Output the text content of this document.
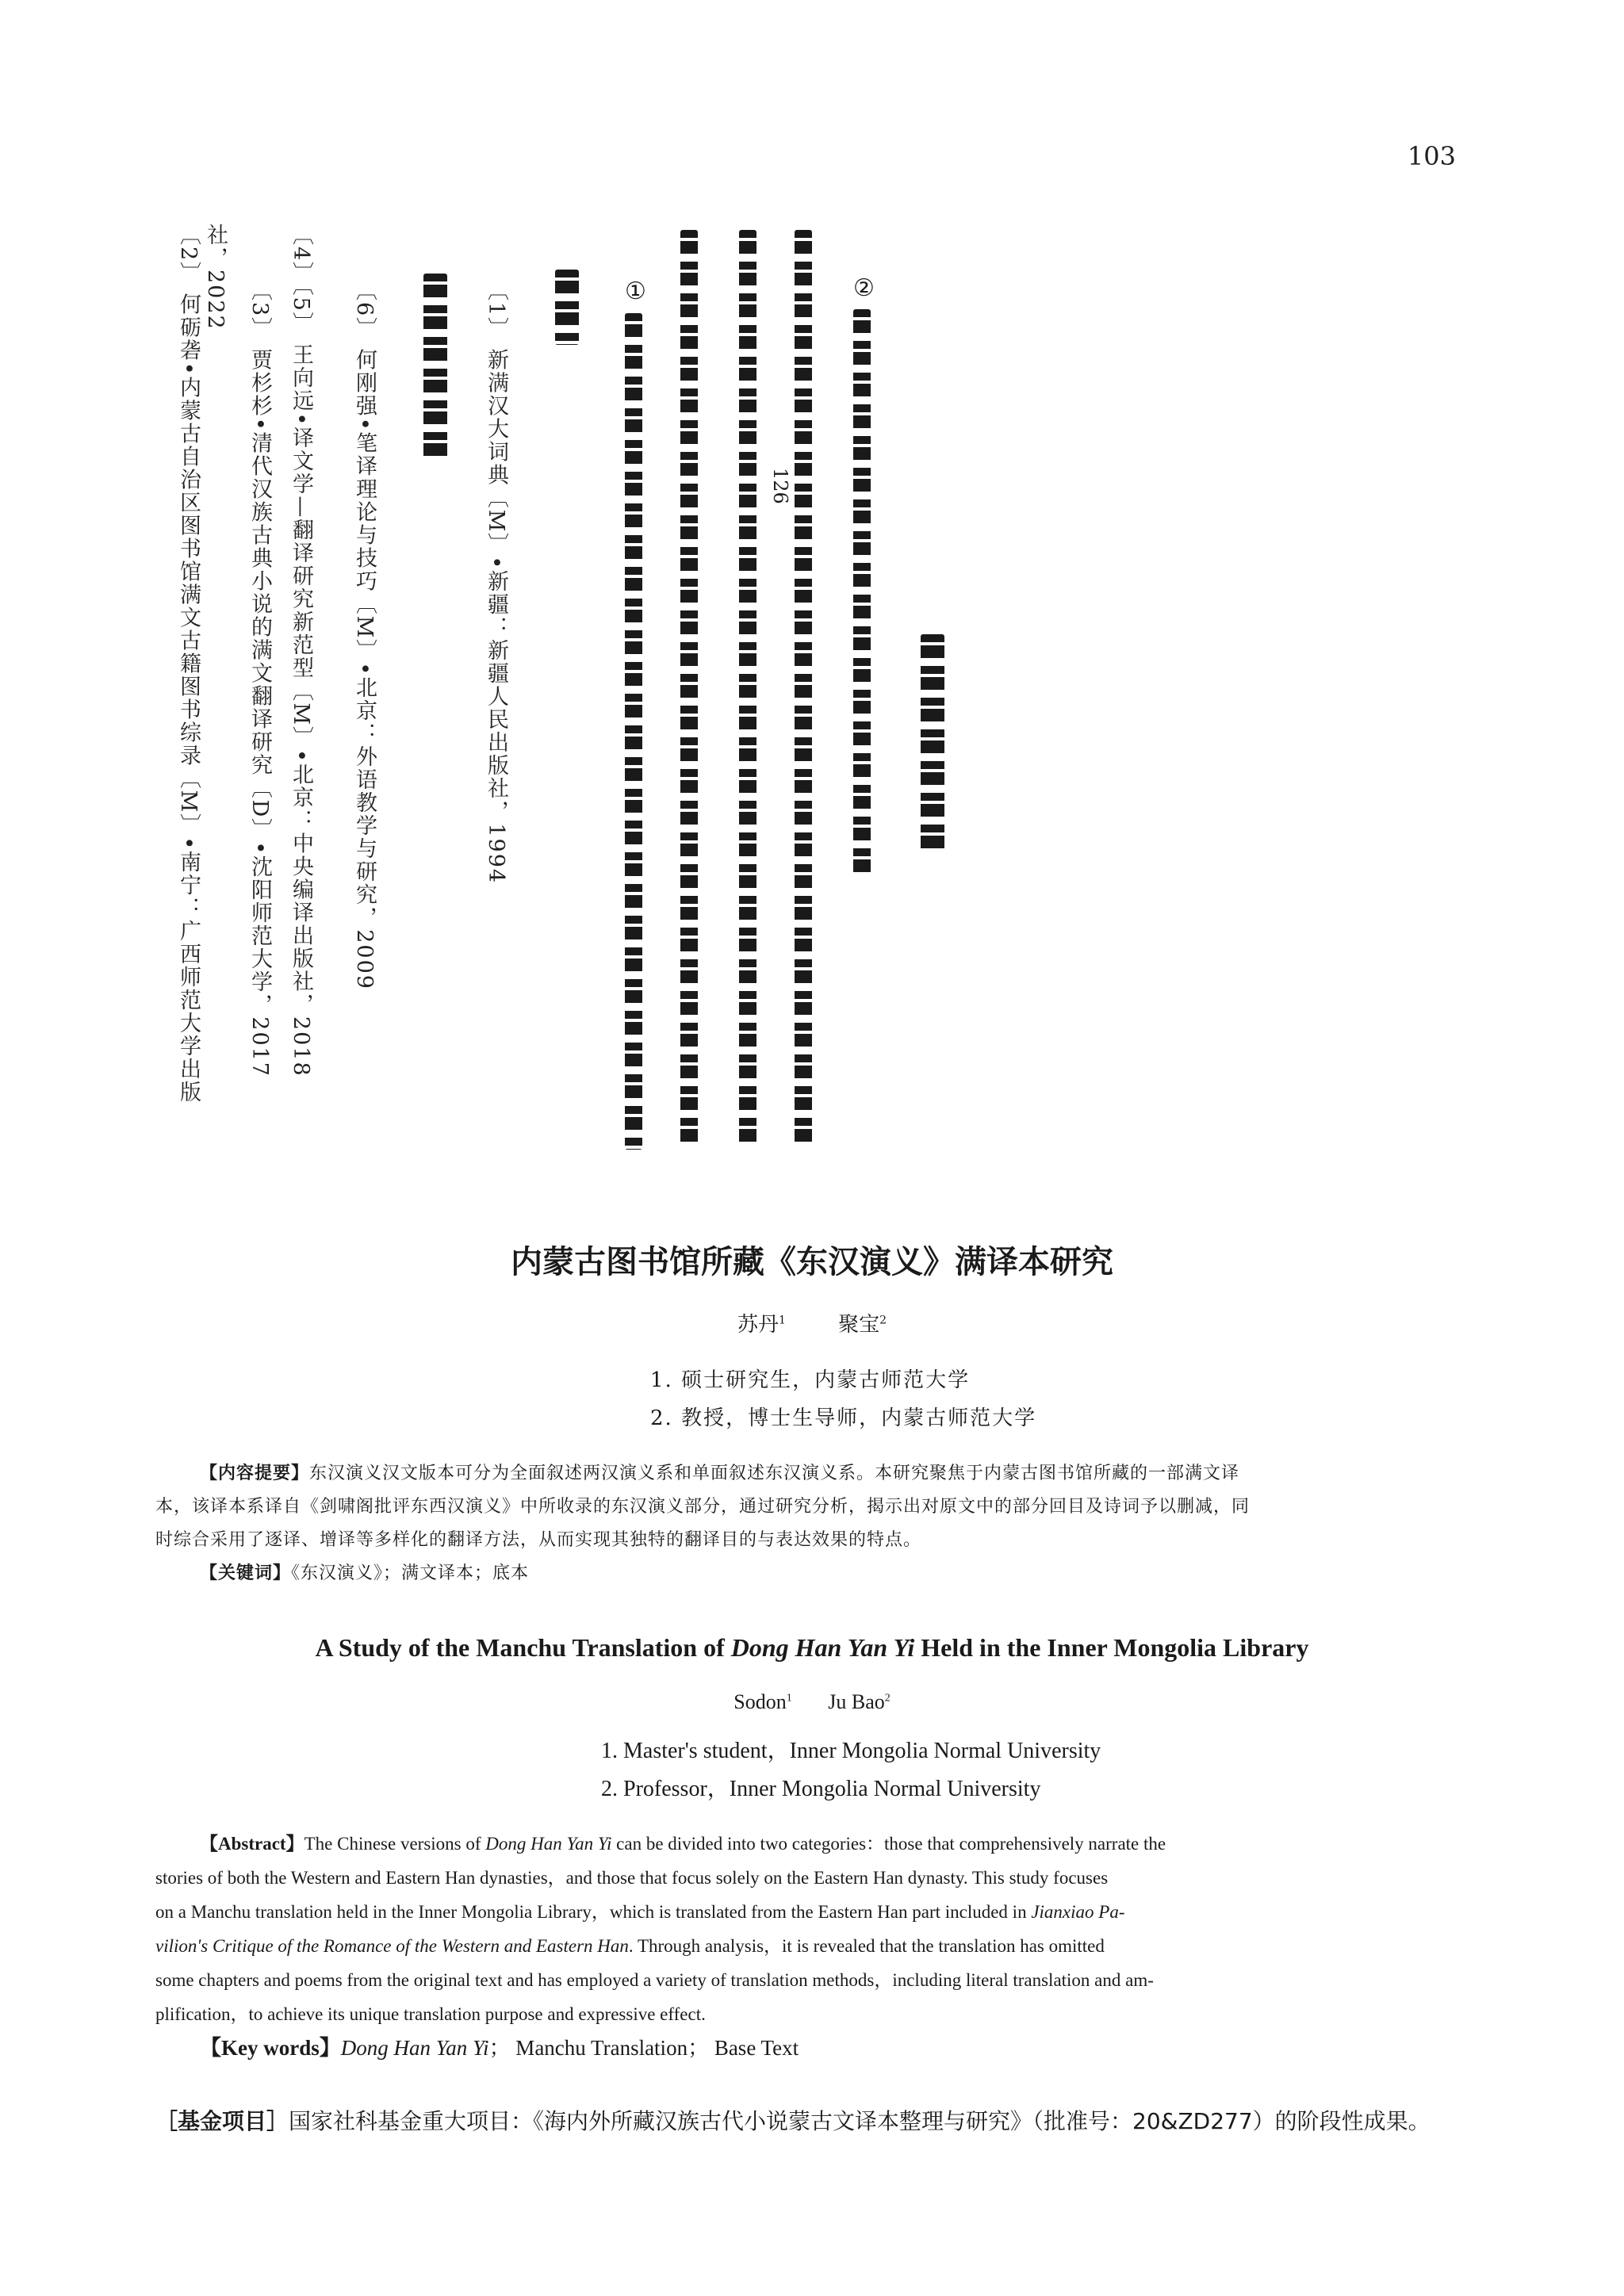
103
②
126
①
〔1〕 新满汉大词典〔M〕•新疆：新疆人民出版社，1994
〔6〕 何刚强•笔译理论与技巧〔M〕•北京：外语教学与研究，2009
〔4〕〔5〕 王向远•译文学—翻译研究新范型〔M〕•北京：中央编译出版社，2018
〔3〕 贾杉杉•清代汉族古典小说的满文翻译研究〔D〕•沈阳师范大学，2017
〔2〕 何砺砻•内蒙古自治区图书馆满文古籍图书综录〔M〕•南宁：广西师范大学出版社，2022
内蒙古图书馆所藏《东汉演义》满译本研究
苏丹$^1$	聚宝$^2$
1. 硕士研究生，内蒙古师范大学
2. 教授，博士生导师，内蒙古师范大学
【内容提要】东汉演义汉文版本可分为全面叙述两汉演义系和单面叙述东汉演义系。本研究聚焦于内蒙古图书馆所藏的一部满文译
本，该译本系译自《剑啸阁批评东西汉演义》中所收录的东汉演义部分，通过研究分析，揭示出对原文中的部分回目及诗词予以删减，同
时综合采用了逐译、增译等多样化的翻译方法，从而实现其独特的翻译目的与表达效果的特点。
【关键词】《东汉演义》；满文译本；底本
A Study of the Manchu Translation of Dong Han Yan Yi Held in the Inner Mongolia Library
Sodon$^1$ Ju Bao$^2$
1. Master's student，Inner Mongolia Normal University
2. Professor，Inner Mongolia Normal University
【Abstract】The Chinese versions of Dong Han Yan Yi can be divided into two categories：those that comprehensively narrate the
stories of both the Western and Eastern Han dynasties，and those that focus solely on the Eastern Han dynasty. This study focuses
on a Manchu translation held in the Inner Mongolia Library，which is translated from the Eastern Han part included in Jianxiao Pa-
vilion's Critique of the Romance of the Western and Eastern Han. Through analysis，it is revealed that the translation has omitted
some chapters and poems from the original text and has employed a variety of translation methods，including literal translation and am-
plification，to achieve its unique translation purpose and expressive effect.
【Key words】Dong Han Yan Yi； Manchu Translation； Base Text
［基金项目］国家社科基金重大项目：《海内外所藏汉族古代小说蒙古文译本整理与研究》（批准号：20&ZD277）的阶段性成果。
